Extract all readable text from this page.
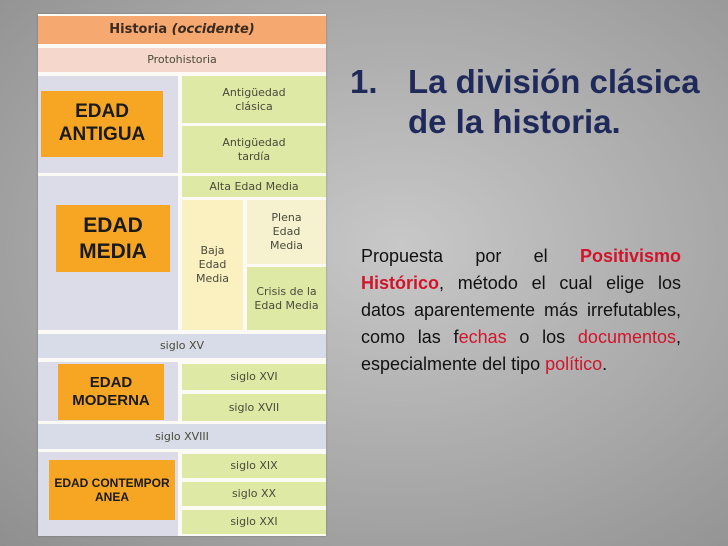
Historia
(occidente)
Protohistoria
Antigüedad clásica
Antigüedad tardía
Alta Edad Media
Baja Edad Media
Plena Edad Media
Crisis de la Edad Media
siglo XV
siglo XVI
siglo XVII
siglo XVIII
siglo XIX
siglo XX
siglo XXI
EDAD ANTIGUA
EDAD MEDIA
EDAD MODERNA
EDAD CONTEMPORANEA
1. La división clásica de la historia.
Propuesta por el Positivismo Histórico, método el cual elige los datos aparentemente más irrefutables, como las fechas o los documentos, especialmente del tipo político.
